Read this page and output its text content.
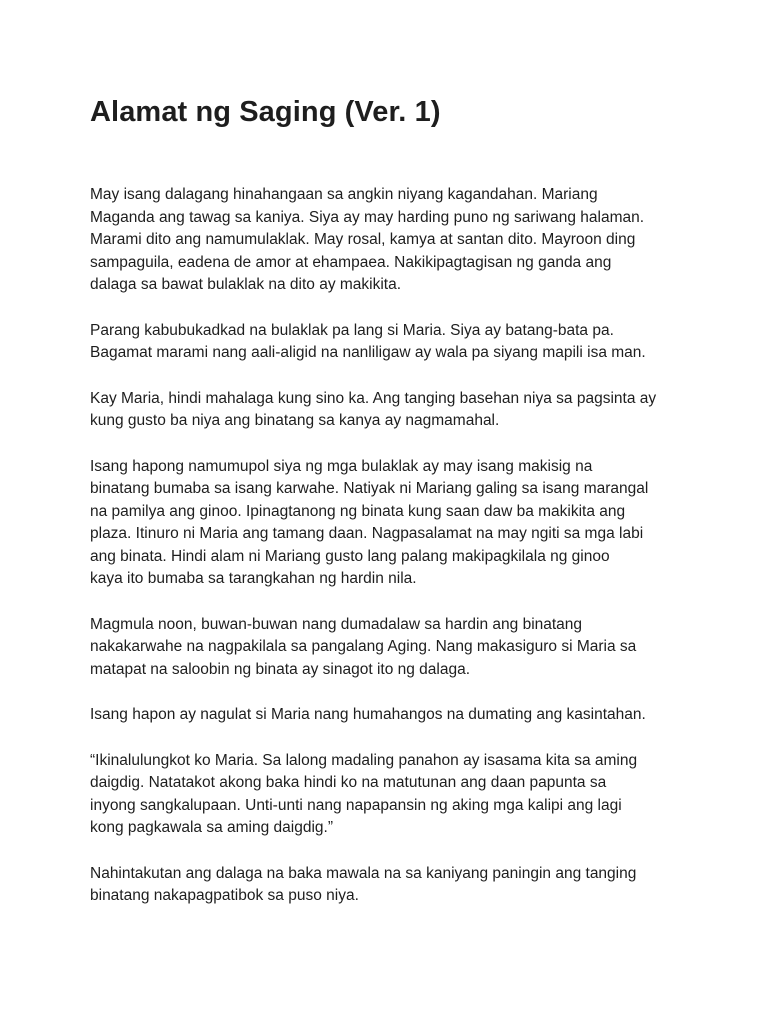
Alamat ng Saging (Ver. 1)

May isang dalagang hinahangaan sa angkin niyang kagandahan. Mariang
Maganda ang tawag sa kaniya. Siya ay may harding puno ng sariwang halaman.
Marami dito ang namumulaklak. May rosal, kamya at santan dito. Mayroon ding
sampaguila, eadena de amor at ehampaea. Nakikipagtagisan ng ganda ang
dalaga sa bawat bulaklak na dito ay makikita.

Parang kabubukadkad na bulaklak pa lang si Maria. Siya ay batang-bata pa.
Bagamat marami nang aali-aligid na nanliligaw ay wala pa siyang mapili isa man.

Kay Maria, hindi mahalaga kung sino ka. Ang tanging basehan niya sa pagsinta ay
kung gusto ba niya ang binatang sa kanya ay nagmamahal.

Isang hapong namumupol siya ng mga bulaklak ay may isang makisig na
binatang bumaba sa isang karwahe. Natiyak ni Mariang galing sa isang marangal
na pamilya ang ginoo. Ipinagtanong ng binata kung saan daw ba makikita ang
plaza. Itinuro ni Maria ang tamang daan. Nagpasalamat na may ngiti sa mga labi
ang binata. Hindi alam ni Mariang gusto lang palang makipagkilala ng ginoo
kaya ito bumaba sa tarangkahan ng hardin nila.

Magmula noon, buwan-buwan nang dumadalaw sa hardin ang binatang
nakakarwahe na nagpakilala sa pangalang Aging. Nang makasiguro si Maria sa
matapat na saloobin ng binata ay sinagot ito ng dalaga.

Isang hapon ay nagulat si Maria nang humahangos na dumating ang kasintahan.

“Ikinalulungkot ko Maria. Sa lalong madaling panahon ay isasama kita sa aming
daigdig. Natatakot akong baka hindi ko na matutunan ang daan papunta sa
inyong sangkalupaan. Unti-unti nang napapansin ng aking mga kalipi ang lagi
kong pagkawala sa aming daigdig.”

Nahintakutan ang dalaga na baka mawala na sa kaniyang paningin ang tanging
binatang nakapagpatibok sa puso niya.
